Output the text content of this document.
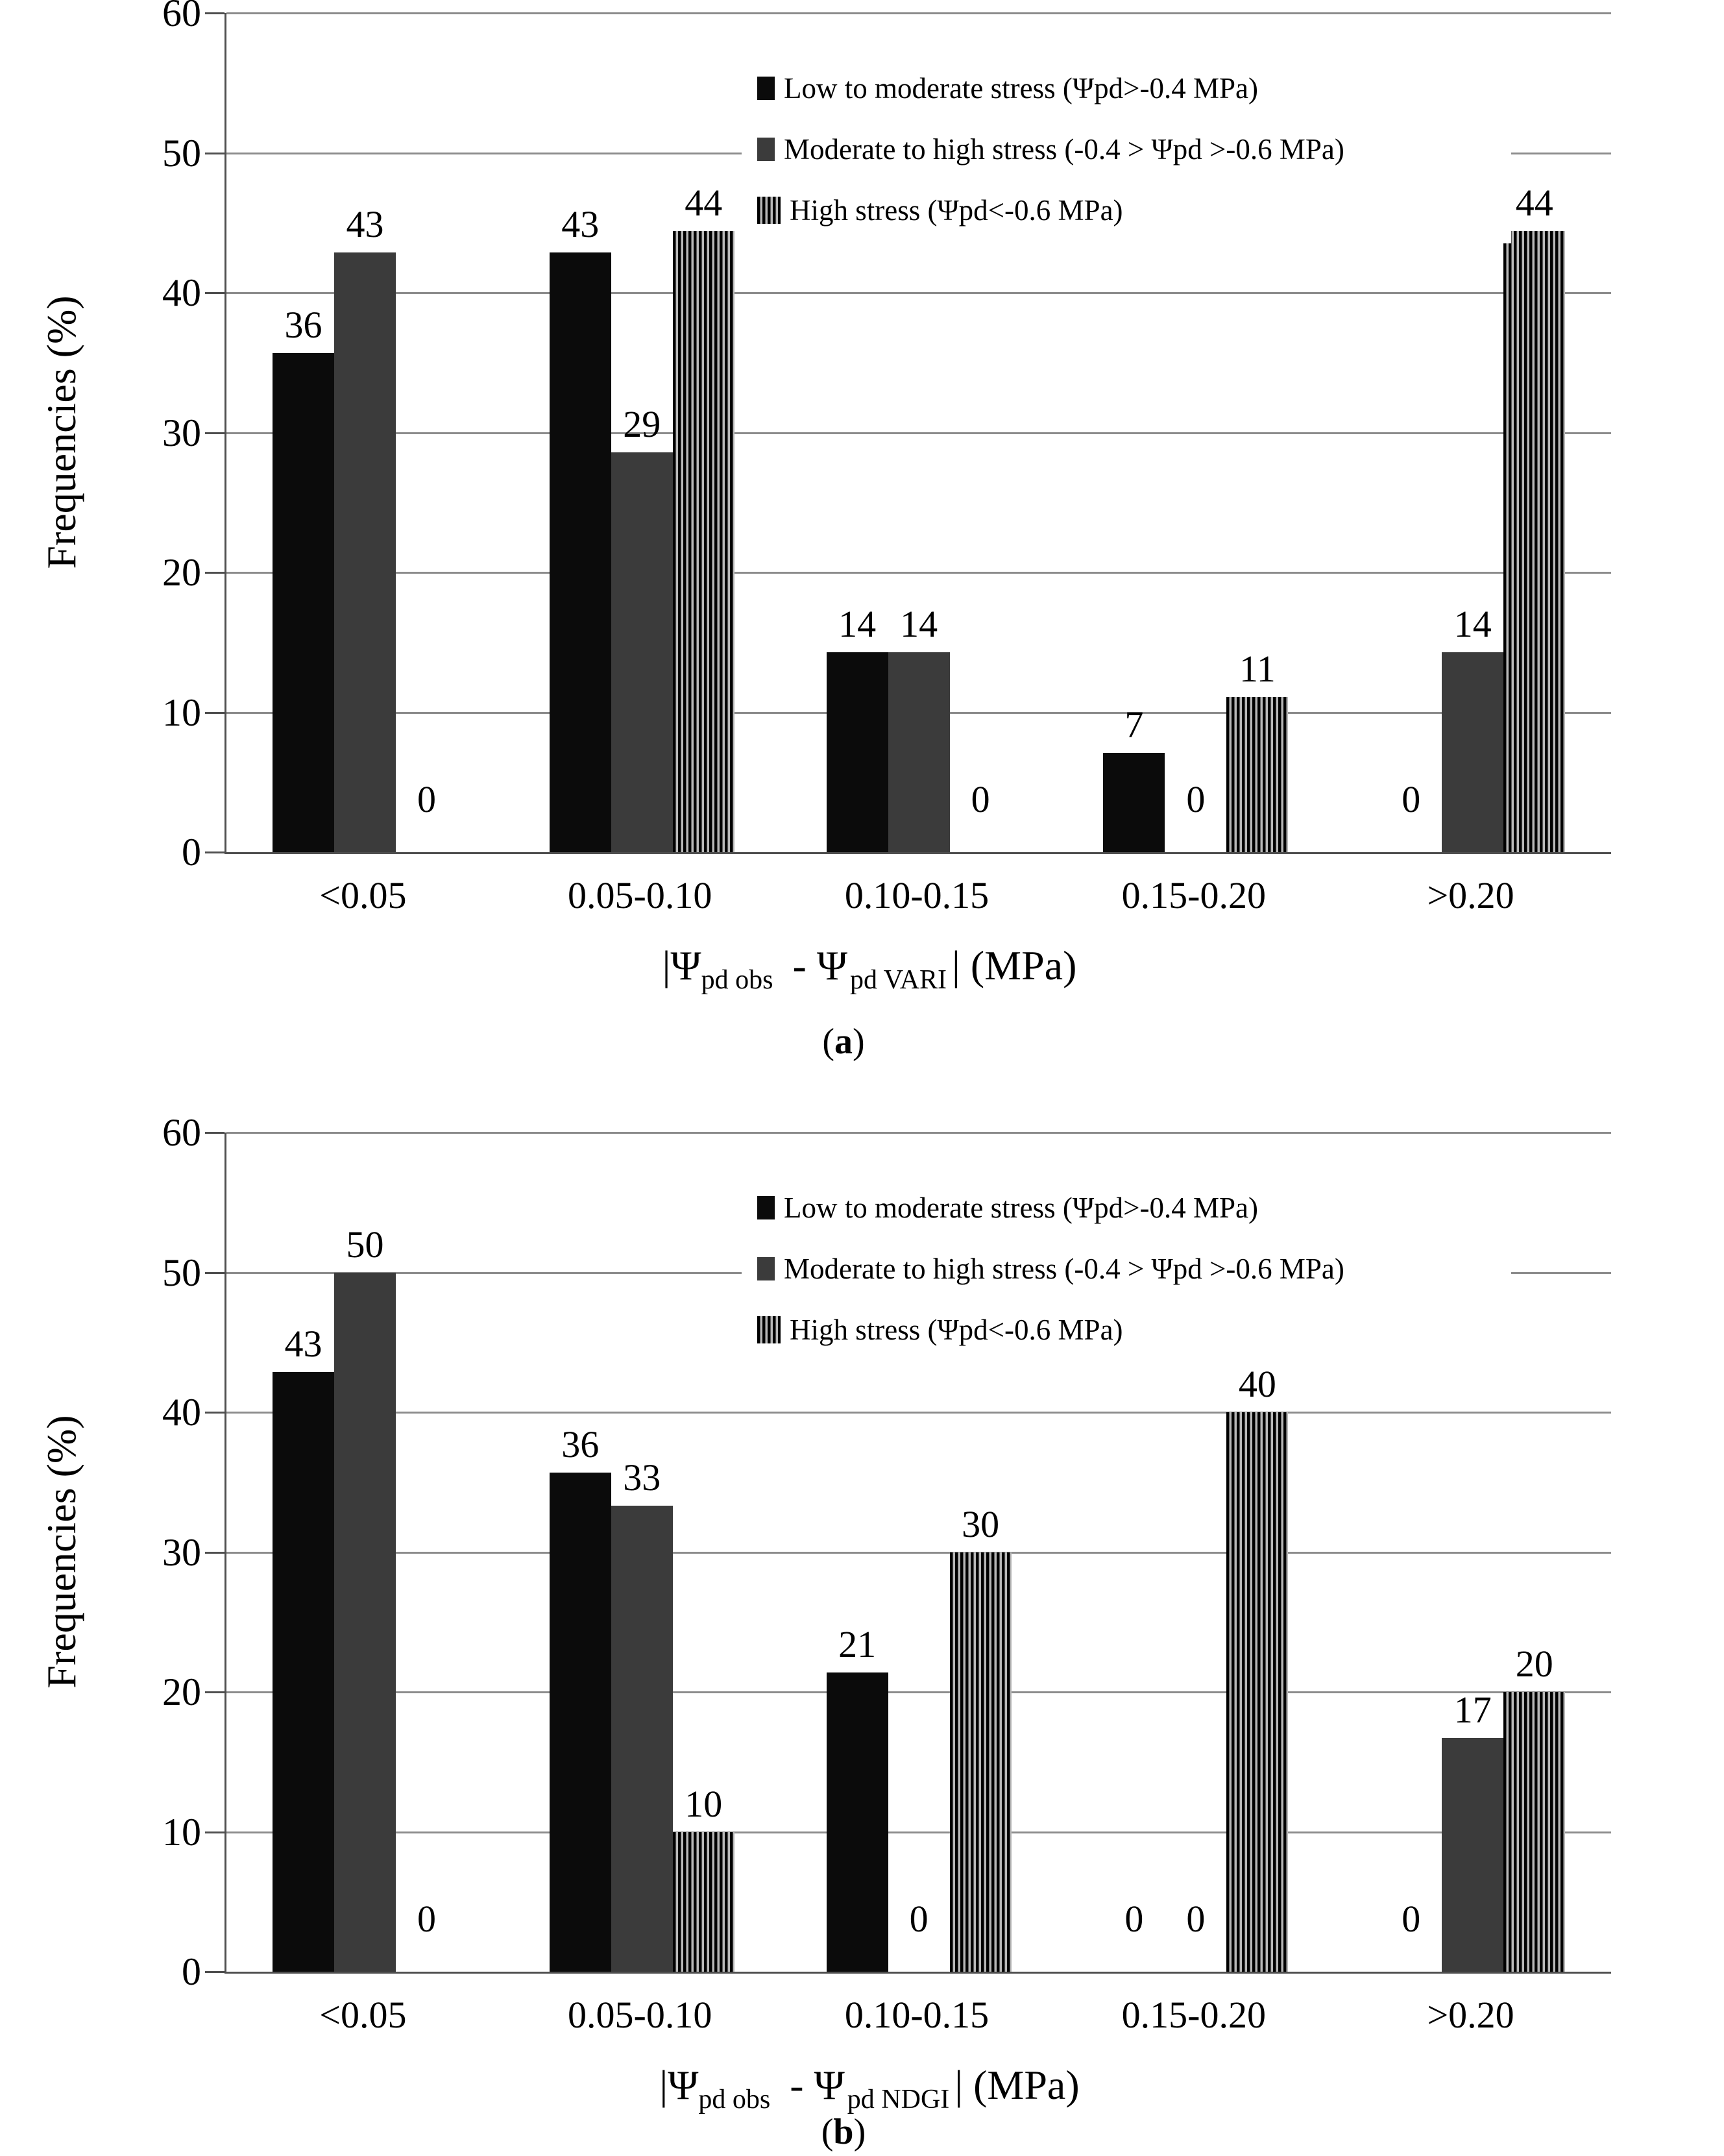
Frequencies (%)
0
10
20
30
40
50
60
36
43
0
43
29
44
14 14
0
7
0
11
0
14
44
Low to moderate stress (Ψpd>-0.4 MPa)
Moderate to high stress (-0.4 > Ψpd >-0.6 MPa)
High stress (Ψpd<-0.6 MPa)
<0.05	0.05-0.10	0.10-0.15	0.15-0.20	>0.20
$|\Psi_{pd obs} - \Psi_{pd VARI}$ | (MPa)
(a)
Frequencies (%)
0
10
20
30
40
50
60
43
50
0
36
33
10
21
0
30
0	0
40
0
17
20
Low to moderate stress (Ψpd>-0.4 MPa)
Moderate to high stress (-0.4 > Ψpd >-0.6 MPa)
High stress (Ψpd<-0.6 MPa)
<0.05	0.05-0.10	0.10-0.15	0.15-0.20	>0.20
$|\Psi_{pd obs} - \Psi_{pd NDGI}$ | (MPa)
(b)
